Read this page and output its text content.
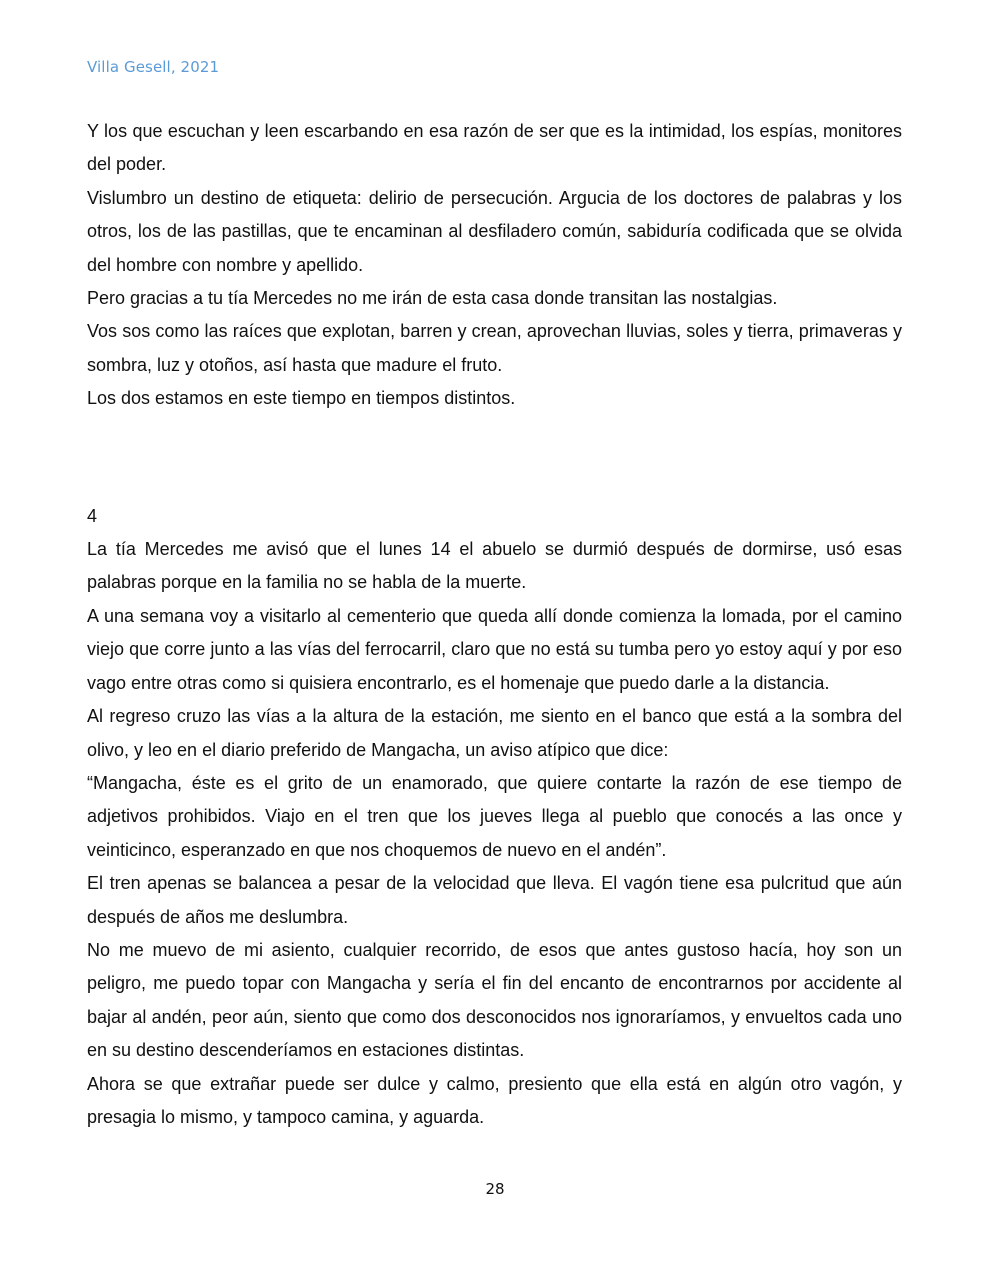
Villa Gesell, 2021

Y los que escuchan y leen escarbando en esa razón de ser que es la intimidad, los espías, monitores del poder.

Vislumbro un destino de etiqueta: delirio de persecución. Argucia de los doctores de palabras y los otros, los de las pastillas, que te encaminan al desfiladero común, sabiduría codificada que se olvida del hombre con nombre y apellido.

Pero gracias a tu tía Mercedes no me irán de esta casa donde transitan las nostalgias.

Vos sos como las raíces que explotan, barren y crean, aprovechan lluvias, soles y tierra, primaveras y sombra, luz y otoños, así hasta que madure el fruto.

Los dos estamos en este tiempo en tiempos distintos.

4

La tía Mercedes me avisó que el lunes 14 el abuelo se durmió después de dormirse, usó esas palabras porque en la familia no se habla de la muerte.

A una semana voy a visitarlo al cementerio que queda allí donde comienza la lomada, por el camino viejo que corre junto a las vías del ferrocarril, claro que no está su tumba pero yo estoy aquí y por eso vago entre otras como si quisiera encontrarlo, es el homenaje que puedo darle a la distancia.

Al regreso cruzo las vías a la altura de la estación, me siento en el banco que está a la sombra del olivo, y leo en el diario preferido de Mangacha, un aviso atípico que dice:

“Mangacha, éste es el grito de un enamorado, que quiere contarte la razón de ese tiempo de adjetivos prohibidos. Viajo en el tren que los jueves llega al pueblo que conocés a las once y veinticinco, esperanzado en que nos choquemos de nuevo en el andén”.

El tren apenas se balancea a pesar de la velocidad que lleva. El vagón tiene esa pulcritud que aún después de años me deslumbra.

No me muevo de mi asiento, cualquier recorrido, de esos que antes gustoso hacía, hoy son un peligro, me puedo topar con Mangacha y sería el fin del encanto de encontrarnos por accidente al bajar al andén, peor aún, siento que como dos desconocidos nos ignoraríamos, y envueltos cada uno en su destino descenderíamos en estaciones distintas.

Ahora se que extrañar puede ser dulce y calmo, presiento que ella está en algún otro vagón, y presagia lo mismo, y tampoco camina, y aguarda.

28
